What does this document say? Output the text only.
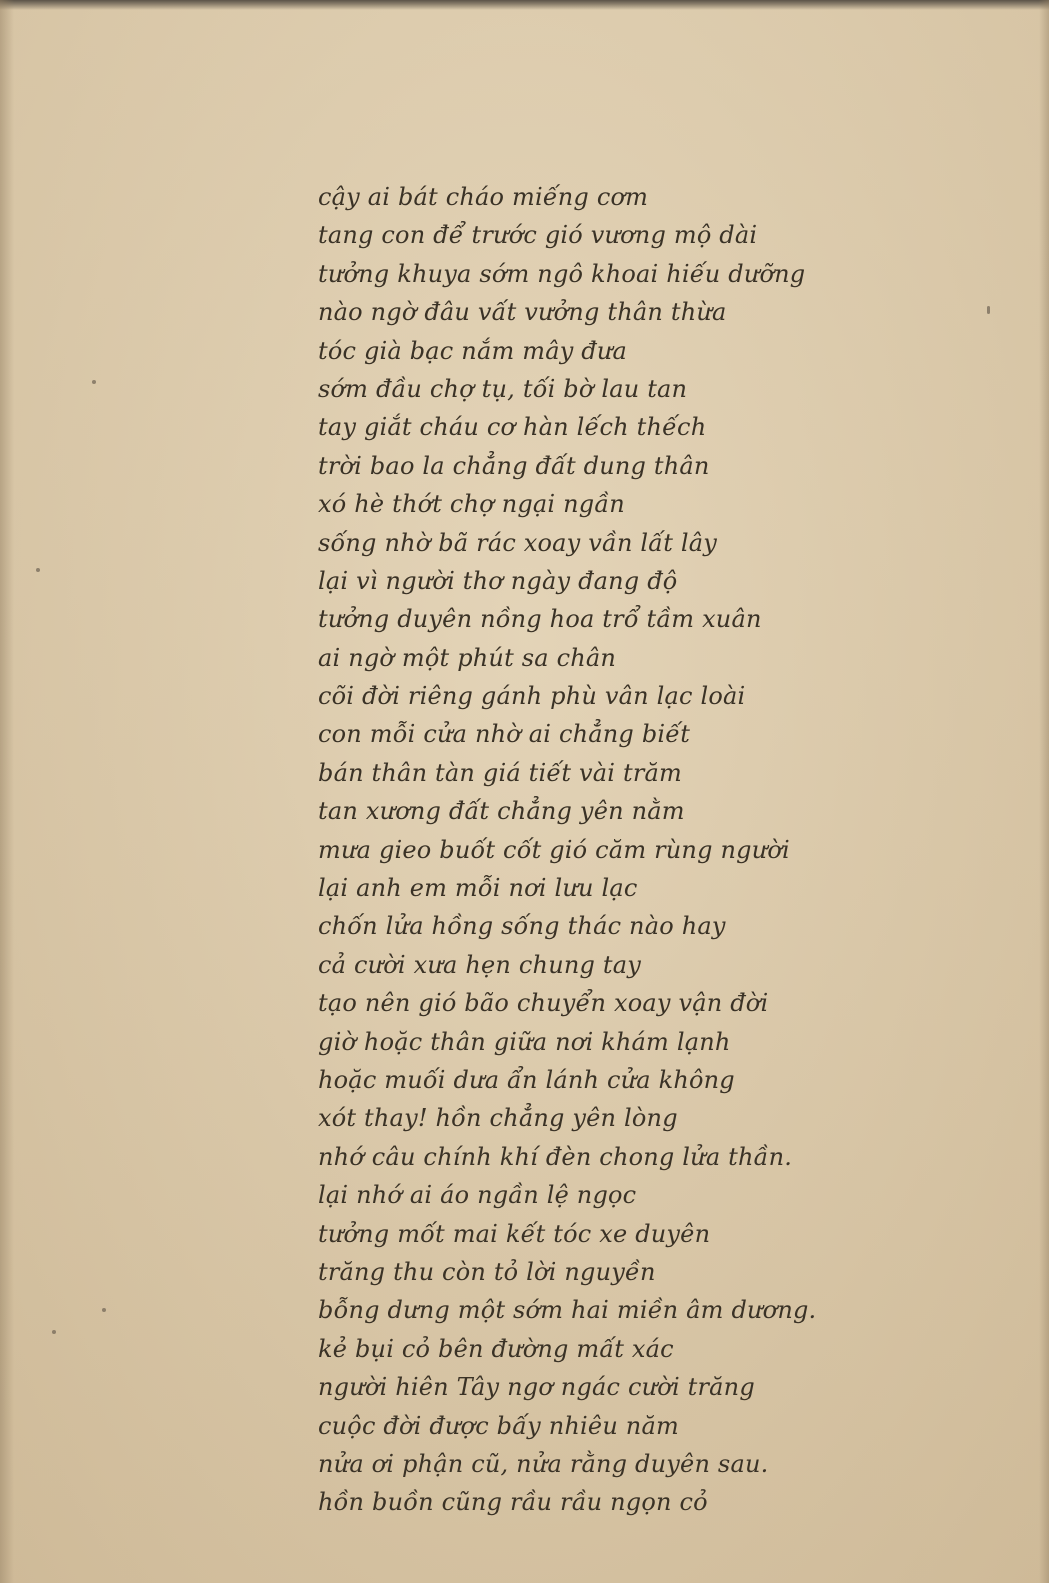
cậy ai bát cháo miếng cơm
tang con để trước gió vương mộ dài
tưởng khuya sớm ngô khoai hiếu dưỡng
nào ngờ đâu vất vưởng thân thừa
tóc già bạc nắm mây đưa
sớm đầu chợ tụ, tối bờ lau tan
tay giắt cháu cơ hàn lếch thếch
trời bao la chẳng đất dung thân
xó hè thớt chợ ngại ngần
sống nhờ bã rác xoay vần lất lây
lại vì người thơ ngày đang độ
tưởng duyên nồng hoa trổ tầm xuân
ai ngờ một phút sa chân
cõi đời riêng gánh phù vân lạc loài
con mỗi cửa nhờ ai chẳng biết
bán thân tàn giá tiết vài trăm
tan xương đất chẳng yên nằm
mưa gieo buốt cốt gió căm rùng người
lại anh em mỗi nơi lưu lạc
chốn lửa hồng sống thác nào hay
cả cười xưa hẹn chung tay
tạo nên gió bão chuyển xoay vận đời
giờ hoặc thân giữa nơi khám lạnh
hoặc muối dưa ẩn lánh cửa không
xót thay! hồn chẳng yên lòng
nhớ câu chính khí đèn chong lửa thần.
lại nhớ ai áo ngần lệ ngọc
tưởng mốt mai kết tóc xe duyên
trăng thu còn tỏ lời nguyền
bỗng dưng một sớm hai miền âm dương.
kẻ bụi cỏ bên đường mất xác
người hiên Tây ngơ ngác cười trăng
cuộc đời được bấy nhiêu năm
nửa ơi phận cũ, nửa rằng duyên sau.
hồn buồn cũng rầu rầu ngọn cỏ
